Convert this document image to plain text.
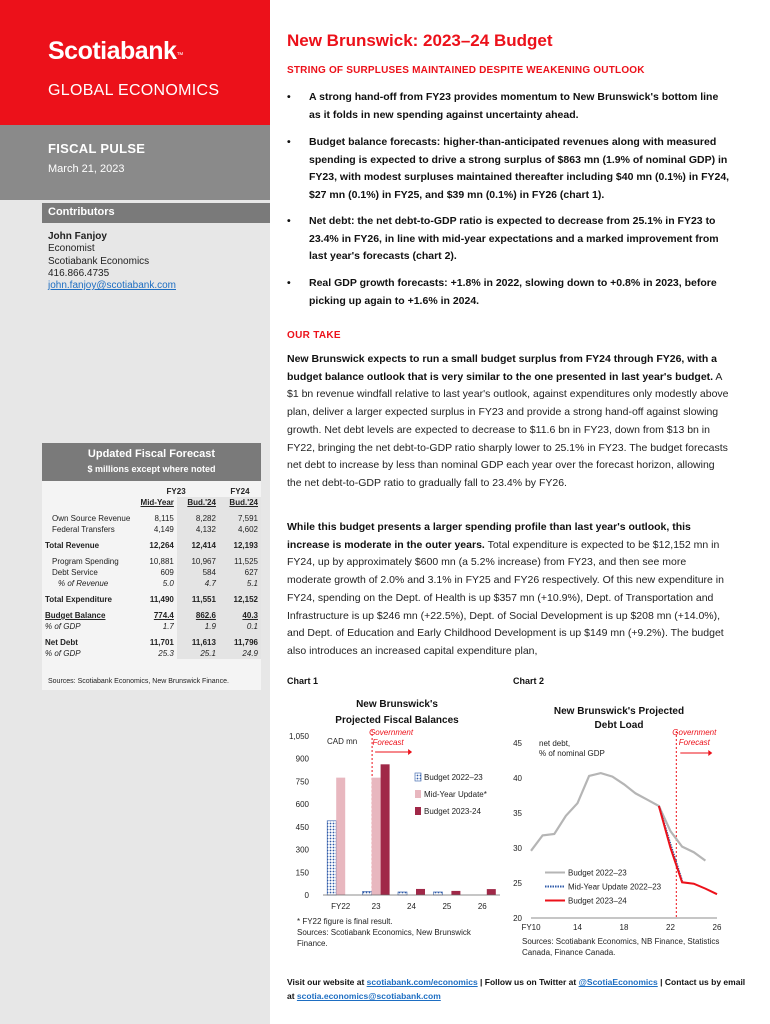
Scotiabank™
GLOBAL ECONOMICS
FISCAL PULSE
March 21, 2023
Contributors
John Fanjoy
Economist
Scotiabank Economics
416.866.4735
john.fanjoy@scotiabank.com
Updated Fiscal Forecast
$ millions except where noted

	FY23		FY24
	Mid-Year	Bud.'24	Bud.'24

Own Source Revenue	8,115	8,282	7,591
Federal Transfers	4,149	4,132	4,602

Total Revenue	12,264	12,414	12,193

Program Spending	10,881	10,967	11,525
Debt Service	609	584	627
% of Revenue	5.0	4.7	5.1

Total Expenditure	11,490	11,551	12,152

Budget Balance	774.4	862.6	40.3
% of GDP	1.7	1.9	0.1

Net Debt	11,701	11,613	11,796
% of GDP	25.3	25.1	24.9
Sources: Scotiabank Economics, New Brunswick Finance.
New Brunswick: 2023–24 Budget
STRING OF SURPLUSES MAINTAINED DESPITE WEAKENING OUTLOOK
• A strong hand-off from FY23 provides momentum to New Brunswick's bottom line as it folds in new spending against uncertainty ahead.
• Budget balance forecasts: higher-than-anticipated revenues along with measured spending is expected to drive a strong surplus of $863 mn (1.9% of nominal GDP) in FY23, with modest surpluses maintained thereafter including $40 mn (0.1%) in FY24, $27 mn (0.1%) in FY25, and $39 mn (0.1%) in FY26 (chart 1).
• Net debt: the net debt-to-GDP ratio is expected to decrease from 25.1% in FY23 to 23.4% in FY26, in line with mid-year expectations and a marked improvement from last year's forecasts (chart 2).
• Real GDP growth forecasts: +1.8% in 2022, slowing down to +0.8% in 2023, before picking up again to +1.6% in 2024.
OUR TAKE
New Brunswick expects to run a small budget surplus from FY24 through FY26, with a budget balance outlook that is very similar to the one presented in last year's budget. A $1 bn revenue windfall relative to last year's outlook, against expenditures only modestly above plan, deliver a larger expected surplus in FY23 and provide a strong hand-off against slowing growth. Net debt levels are expected to decrease to $11.6 bn in FY23, down from $13 bn in FY22, bringing the net debt-to-GDP ratio sharply lower to 25.1% in FY23. The budget forecasts net debt to increase by less than nominal GDP each year over the forecast horizon, allowing the net debt-to-GDP ratio to gradually fall to 23.4% by FY26.
While this budget presents a larger spending profile than last year's outlook, this increase is moderate in the outer years. Total expenditure is expected to be $12,152 mn in FY24, up by approximately $600 mn (a 5.2% increase) from FY23, and then see more moderate growth of 2.0% and 3.1% in FY25 and FY26 respectively. Of this new expenditure in FY24, spending on the Dept. of Health is up $357 mn (+10.9%), Dept. of Transportation and Infrastructure is up $246 mn (+22.5%), Dept. of Social Development is up $208 mn (+14.0%), and Dept. of Education and Early Childhood Development is up $149 mn (+9.2%). The budget also introduces an increased capital expenditure plan,
Chart 1
New Brunswick's
Projected Fiscal Balances
0
150
300
450
600
750
900
1,050
CAD mn
Government
Forecast
FY22	23	24	25	26
Budget 2022–23
Mid-Year Update*
Budget 2023-24
* FY22 figure is final result.
Sources: Scotiabank Economics, New Brunswick Finance.
Chart 2
New Brunswick's Projected
Debt Load
20
25
30
35
40
45 net debt,
% of nominal GDP
FY10	14	18	22	26
Government
Forecast
Budget 2022–23
Mid-Year Update 2022–23
Budget 2023–24
Sources: Scotiabank Economics, NB Finance, Statistics Canada, Finance Canada.
Visit our website at scotiabank.com/economics | Follow us on Twitter at @ScotiaEconomics | Contact us by email at scotia.economics@scotiabank.com
